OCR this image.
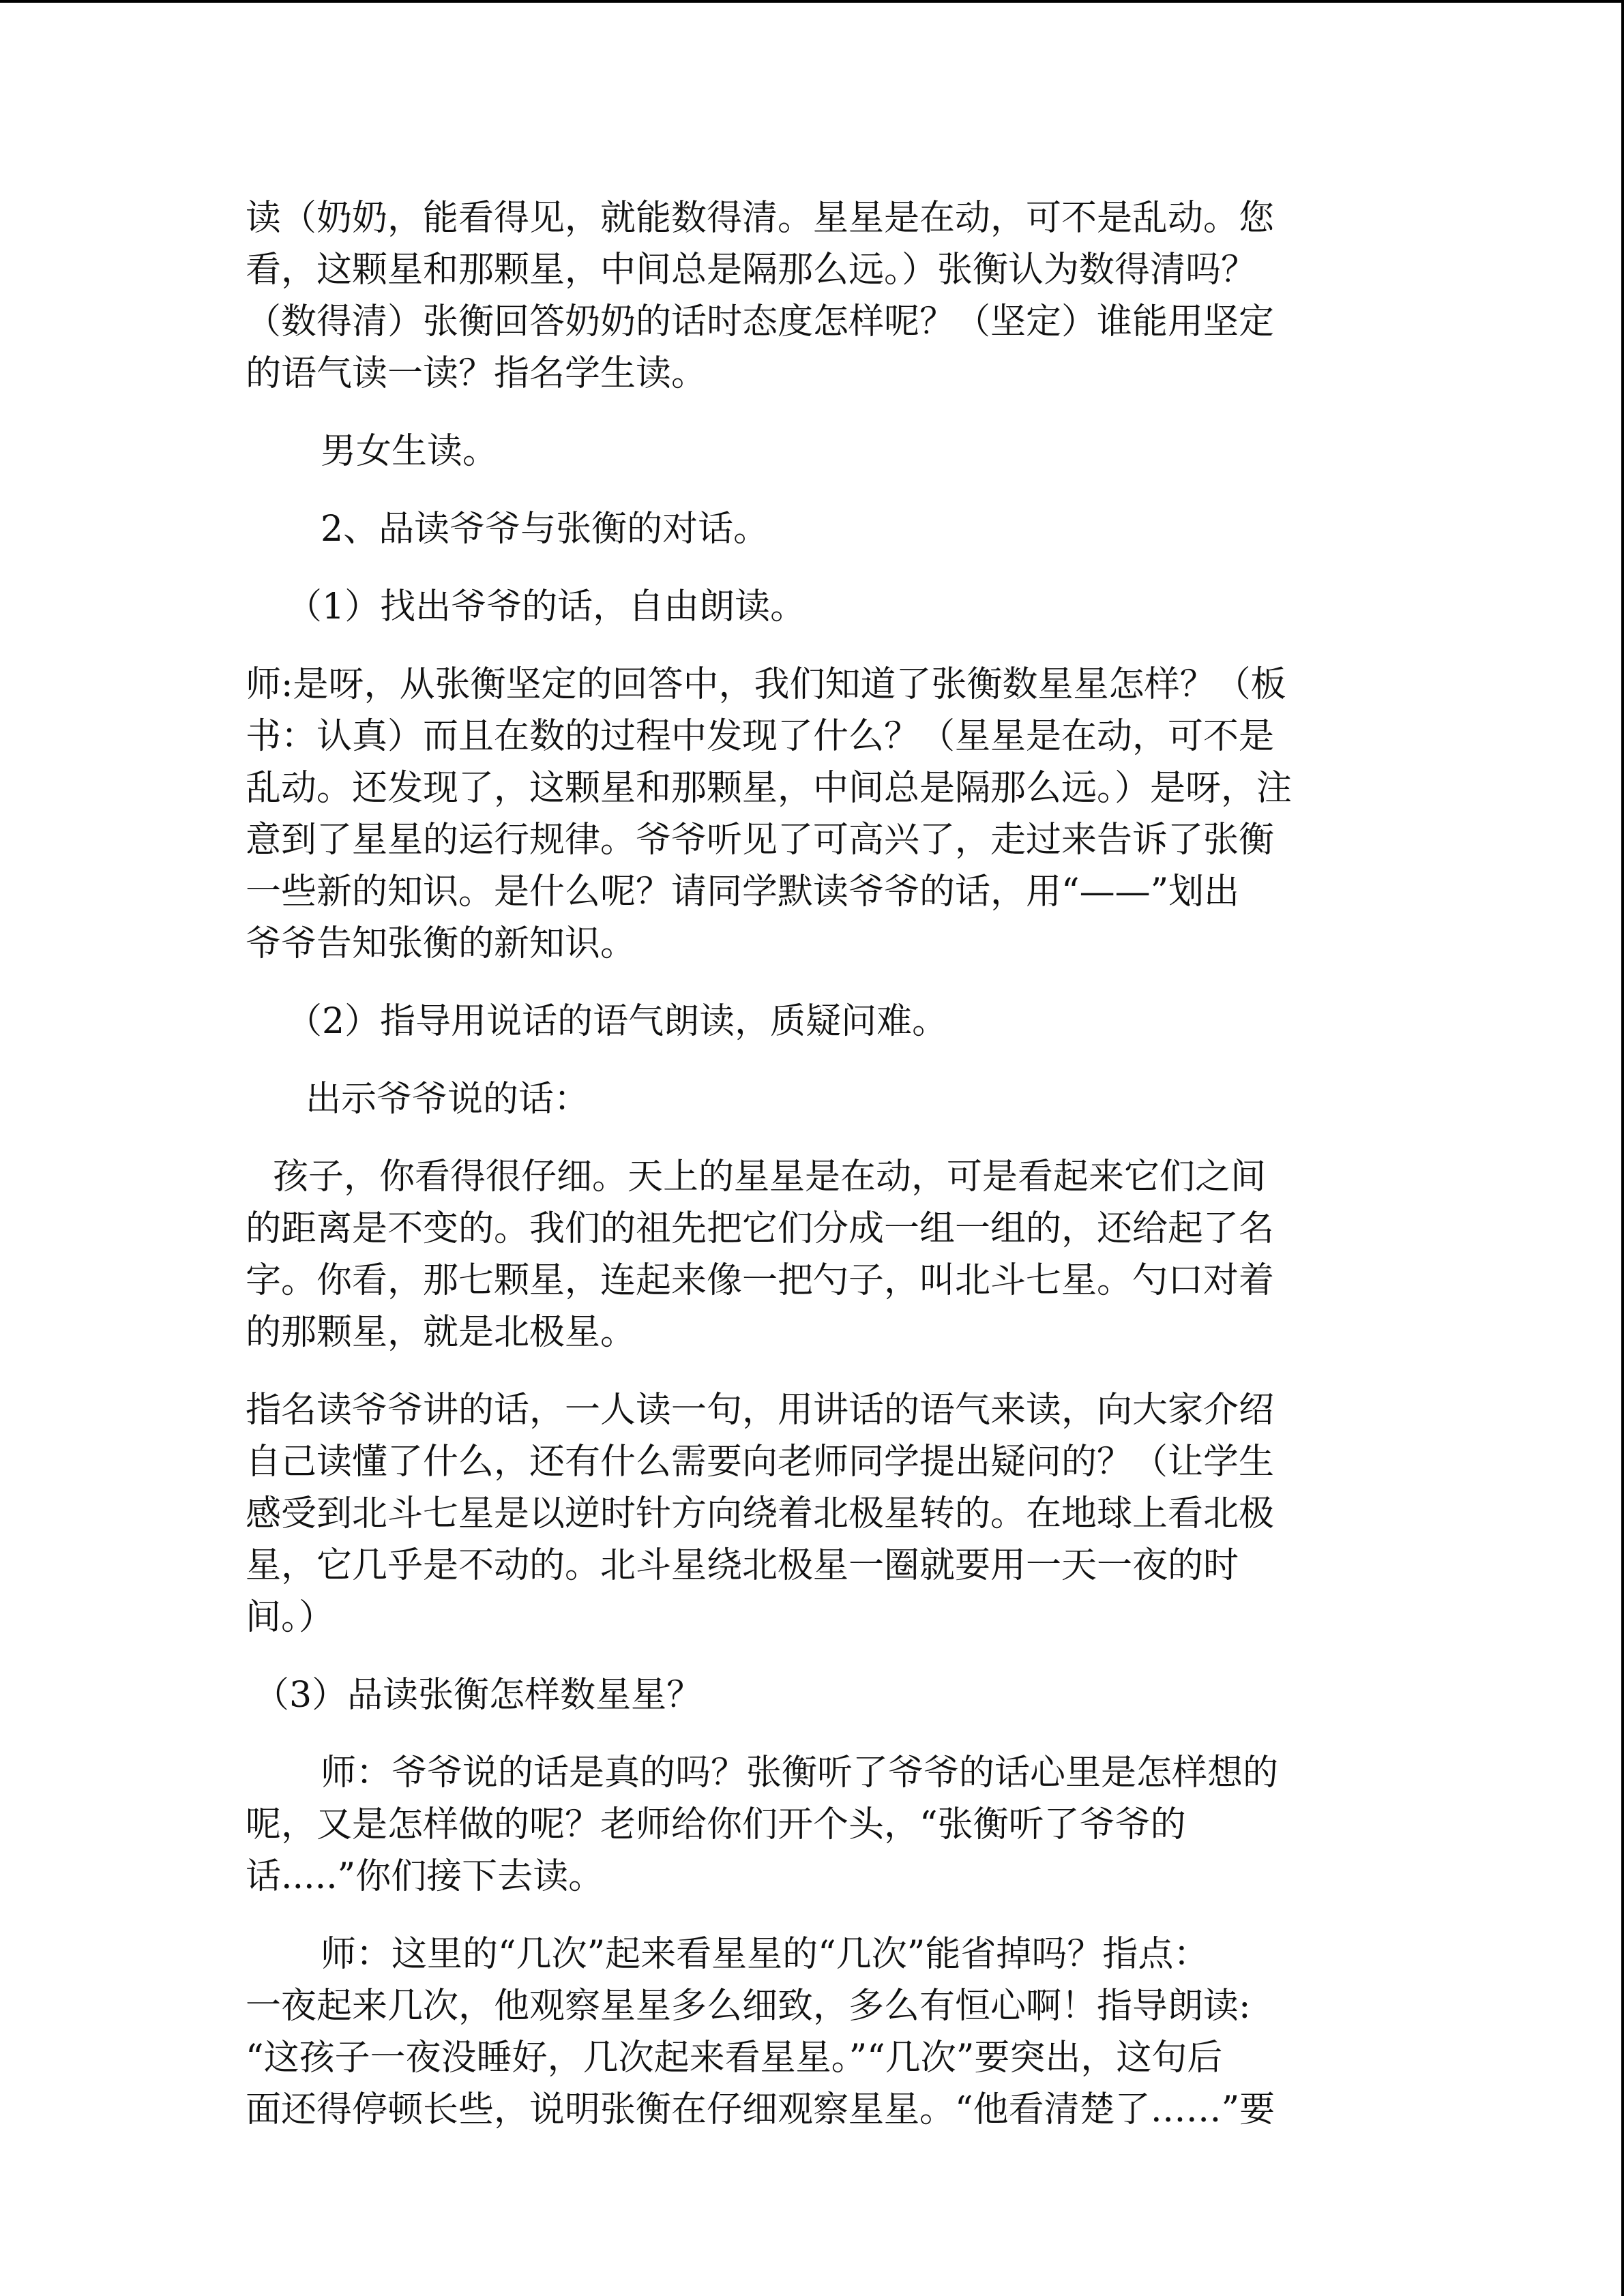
读（奶奶，能看得见，就能数得清。星星是在动，可不是乱动。您
看，这颗星和那颗星，中间总是隔那么远。）张衡认为数得清吗？
（数得清）张衡回答奶奶的话时态度怎样呢？（坚定）谁能用坚定
的语气读一读？指名学生读。

男女生读。

2、品读爷爷与张衡的对话。

（1）找出爷爷的话，自由朗读。

师:是呀，从张衡坚定的回答中，我们知道了张衡数星星怎样？（板
书：认真）而且在数的过程中发现了什么？（星星是在动，可不是
乱动。还发现了，这颗星和那颗星，中间总是隔那么远。）是呀，注
意到了星星的运行规律。爷爷听见了可高兴了，走过来告诉了张衡
一些新的知识。是什么呢？请同学默读爷爷的话，用“——”划出
爷爷告知张衡的新知识。

（2）指导用说话的语气朗读，质疑问难。

出示爷爷说的话：

孩子，你看得很仔细。天上的星星是在动，可是看起来它们之间
的距离是不变的。我们的祖先把它们分成一组一组的，还给起了名
字。你看，那七颗星，连起来像一把勺子，叫北斗七星。勺口对着
的那颗星，就是北极星。

指名读爷爷讲的话，一人读一句，用讲话的语气来读，向大家介绍
自己读懂了什么，还有什么需要向老师同学提出疑问的？（让学生
感受到北斗七星是以逆时针方向绕着北极星转的。在地球上看北极
星，它几乎是不动的。北斗星绕北极星一圈就要用一天一夜的时
间。）

（3）品读张衡怎样数星星？

师：爷爷说的话是真的吗？张衡听了爷爷的话心里是怎样想的
呢，又是怎样做的呢？老师给你们开个头，“张衡听了爷爷的
话.....”你们接下去读。

师：这里的“几次”起来看星星的“几次”能省掉吗？指点：
一夜起来几次，他观察星星多么细致，多么有恒心啊！指导朗读:
“这孩子一夜没睡好，几次起来看星星。”“几次”要突出，这句后
面还得停顿长些，说明张衡在仔细观察星星。“他看清楚了……”要
